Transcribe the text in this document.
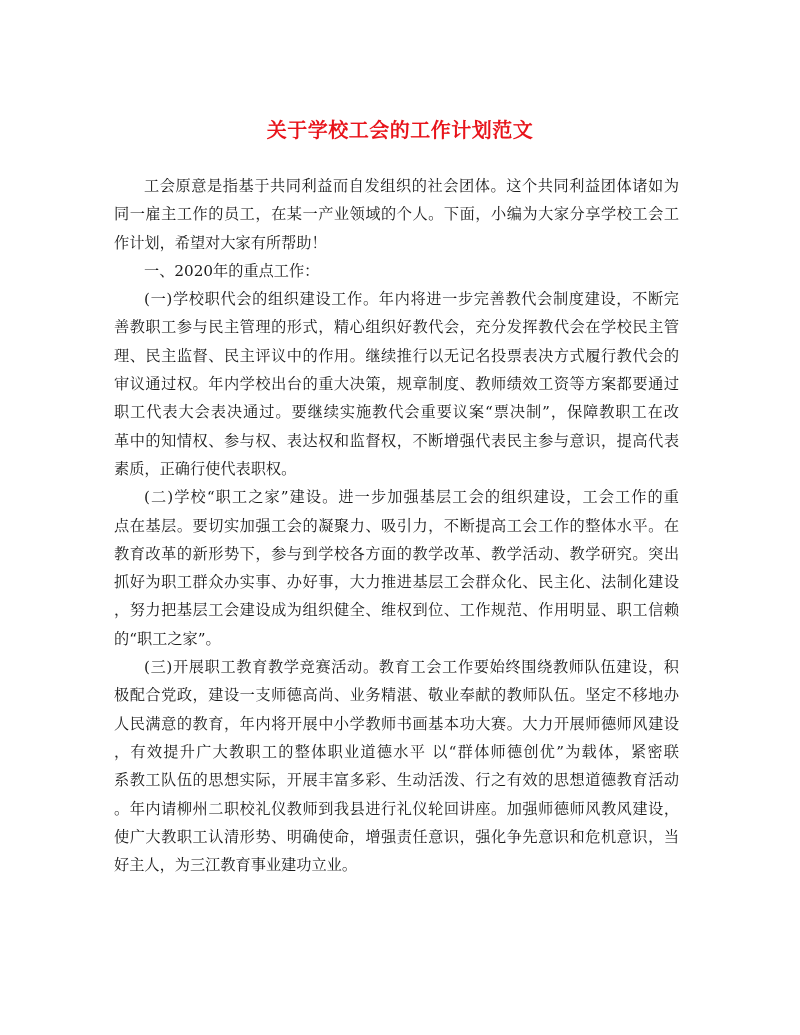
关于学校工会的工作计划范文
工会原意是指基于共同利益而自发组织的社会团体。这个共同利益团体诸如为
同一雇主工作的员工，在某一产业领域的个人。下面，小编为大家分享学校工会工
作计划，希望对大家有所帮助！
一、2020年的重点工作：
(一)学校职代会的组织建设工作。年内将进一步完善教代会制度建设，不断完
善教职工参与民主管理的形式，精心组织好教代会，充分发挥教代会在学校民主管
理、民主监督、民主评议中的作用。继续推行以无记名投票表决方式履行教代会的
审议通过权。年内学校出台的重大决策，规章制度、教师绩效工资等方案都要通过
职工代表大会表决通过。要继续实施教代会重要议案“票决制”，保障教职工在改
革中的知情权、参与权、表达权和监督权，不断增强代表民主参与意识，提高代表
素质，正确行使代表职权。
(二)学校“职工之家”建设。进一步加强基层工会的组织建设，工会工作的重
点在基层。要切实加强工会的凝聚力、吸引力，不断提高工会工作的整体水平。在
教育改革的新形势下，参与到学校各方面的教学改革、教学活动、教学研究。突出
抓好为职工群众办实事、办好事，大力推进基层工会群众化、民主化、法制化建设
，努力把基层工会建设成为组织健全、维权到位、工作规范、作用明显、职工信赖
的“职工之家”。
(三)开展职工教育教学竞赛活动。教育工会工作要始终围绕教师队伍建设，积
极配合党政，建设一支师德高尚、业务精湛、敬业奉献的教师队伍。坚定不移地办
人民满意的教育，年内将开展中小学教师书画基本功大赛。大力开展师德师风建设
，有效提升广大教职工的整体职业道德水平 以“群体师德创优”为载体，紧密联
系教工队伍的思想实际，开展丰富多彩、生动活泼、行之有效的思想道德教育活动
。年内请柳州二职校礼仪教师到我县进行礼仪轮回讲座。加强师德师风教风建设，
使广大教职工认清形势、明确使命，增强责任意识，强化争先意识和危机意识，当
好主人，为三江教育事业建功立业。
